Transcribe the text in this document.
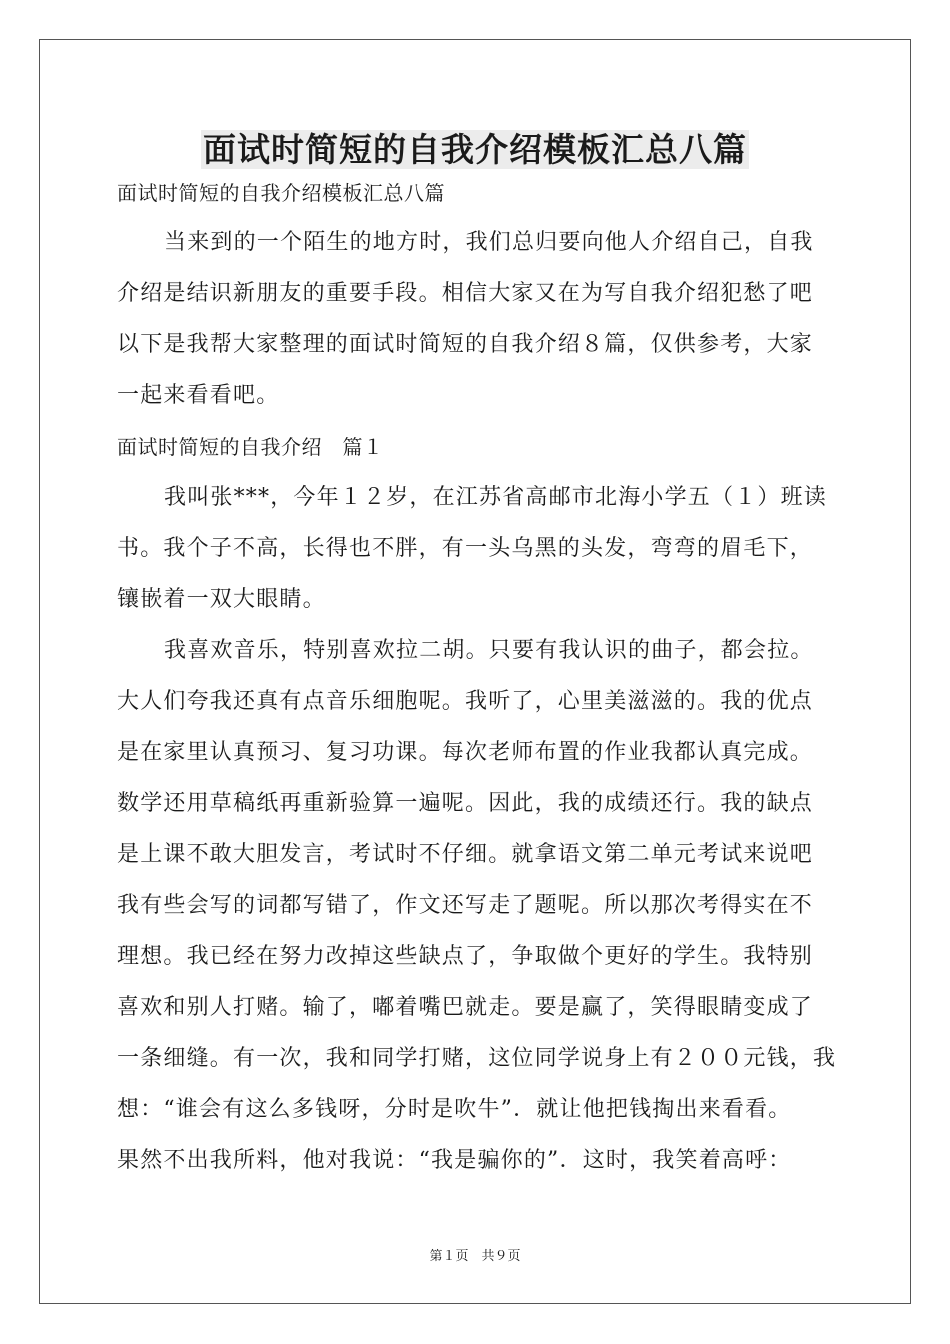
面试时简短的自我介绍模板汇总八篇
面试时简短的自我介绍模板汇总八篇
当来到的一个陌生的地方时，我们总归要向他人介绍自己，自我
介绍是结识新朋友的重要手段。相信大家又在为写自我介绍犯愁了吧
以下是我帮大家整理的面试时简短的自我介绍８篇，仅供参考，大家
一起来看看吧。
面试时简短的自我介绍　篇１
我叫张***，今年１２岁，在江苏省高邮市北海小学五（１）班读
书。我个子不高，长得也不胖，有一头乌黑的头发，弯弯的眉毛下，
镶嵌着一双大眼睛。
我喜欢音乐，特别喜欢拉二胡。只要有我认识的曲子，都会拉。
大人们夸我还真有点音乐细胞呢。我听了，心里美滋滋的。我的优点
是在家里认真预习、复习功课。每次老师布置的作业我都认真完成。
数学还用草稿纸再重新验算一遍呢。因此，我的成绩还行。我的缺点
是上课不敢大胆发言，考试时不仔细。就拿语文第二单元考试来说吧
我有些会写的词都写错了，作文还写走了题呢。所以那次考得实在不
理想。我已经在努力改掉这些缺点了，争取做个更好的学生。我特别
喜欢和别人打赌。输了，嘟着嘴巴就走。要是赢了，笑得眼睛变成了
一条细缝。有一次，我和同学打赌，这位同学说身上有２００元钱，我
想：“谁会有这么多钱呀，分时是吹牛”．就让他把钱掏出来看看。
果然不出我所料，他对我说：“我是骗你的”．这时，我笑着高呼：
第１页　共９页
